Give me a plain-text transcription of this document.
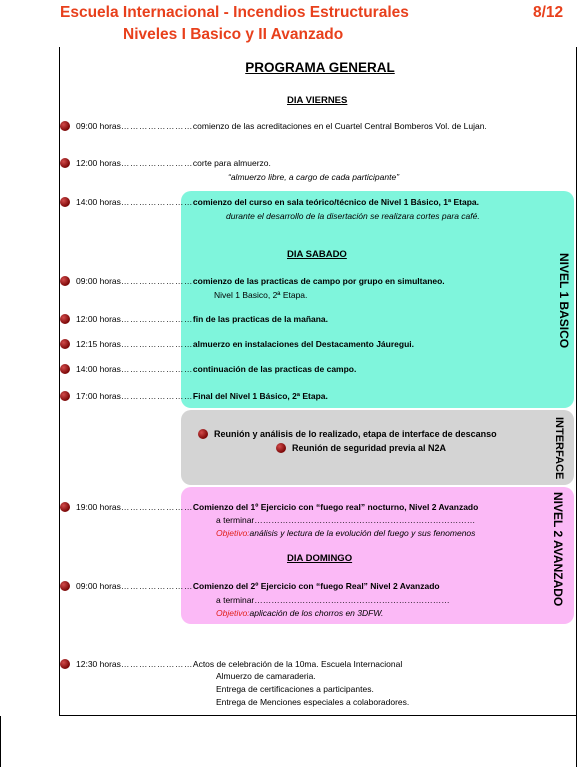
Escuela Internacional - Incendios Estructurales
Niveles I Basico y II Avanzado
8/12
NIVEL 1 BASICO
INTERFACE
NIVEL 2 AVANZADO
PROGRAMA GENERAL
DIA VIERNES
DIA SABADO
DIA DOMINGO
09:00 horas …………………… comienzo de las acreditaciones en el Cuartel Central Bomberos Vol. de Lujan.
12:00 horas …………………… corte para almuerzo.
“almuerzo libre, a cargo de cada participante”
14:00 horas …………………… comienzo del curso en sala teórico/técnico de Nivel 1 Básico, 1ª Etapa.
durante el desarrollo de la disertación se realizara cortes para café.
09:00 horas …………………… comienzo de las practicas de campo por grupo en simultaneo.
Nivel 1 Basico, 2ª Etapa.
12:00 horas …………………… fin de las practicas de la mañana.
12:15 horas …………………… almuerzo en instalaciones del Destacamento Jáuregui.
14:00 horas …………………… continuación de las practicas de campo.
17:00 horas …………………… Final del Nivel 1 Básico, 2ª Etapa.
Reunión y análisis de lo realizado, etapa de interface de descanso
Reunión de seguridad previa al N2A
19:00 horas …………………… Comienzo del 1º Ejercicio con “fuego real” nocturno, Nivel 2 Avanzado
a terminar……………………………………………………………………
Objetivo:análisis y lectura de la evolución del fuego y sus fenomenos
09:00 horas …………………… Comienzo del 2º Ejercicio con “fuego Real” Nivel 2 Avanzado
a terminar……………………………………………………………
Objetivo:aplicación de los chorros en 3DFW.
12:30 horas …………………… Actos de celebración de la 10ma. Escuela Internacional
Almuerzo de camaraderia.
Entrega de certificaciones a participantes.
Entrega de Menciones especiales a colaboradores.
